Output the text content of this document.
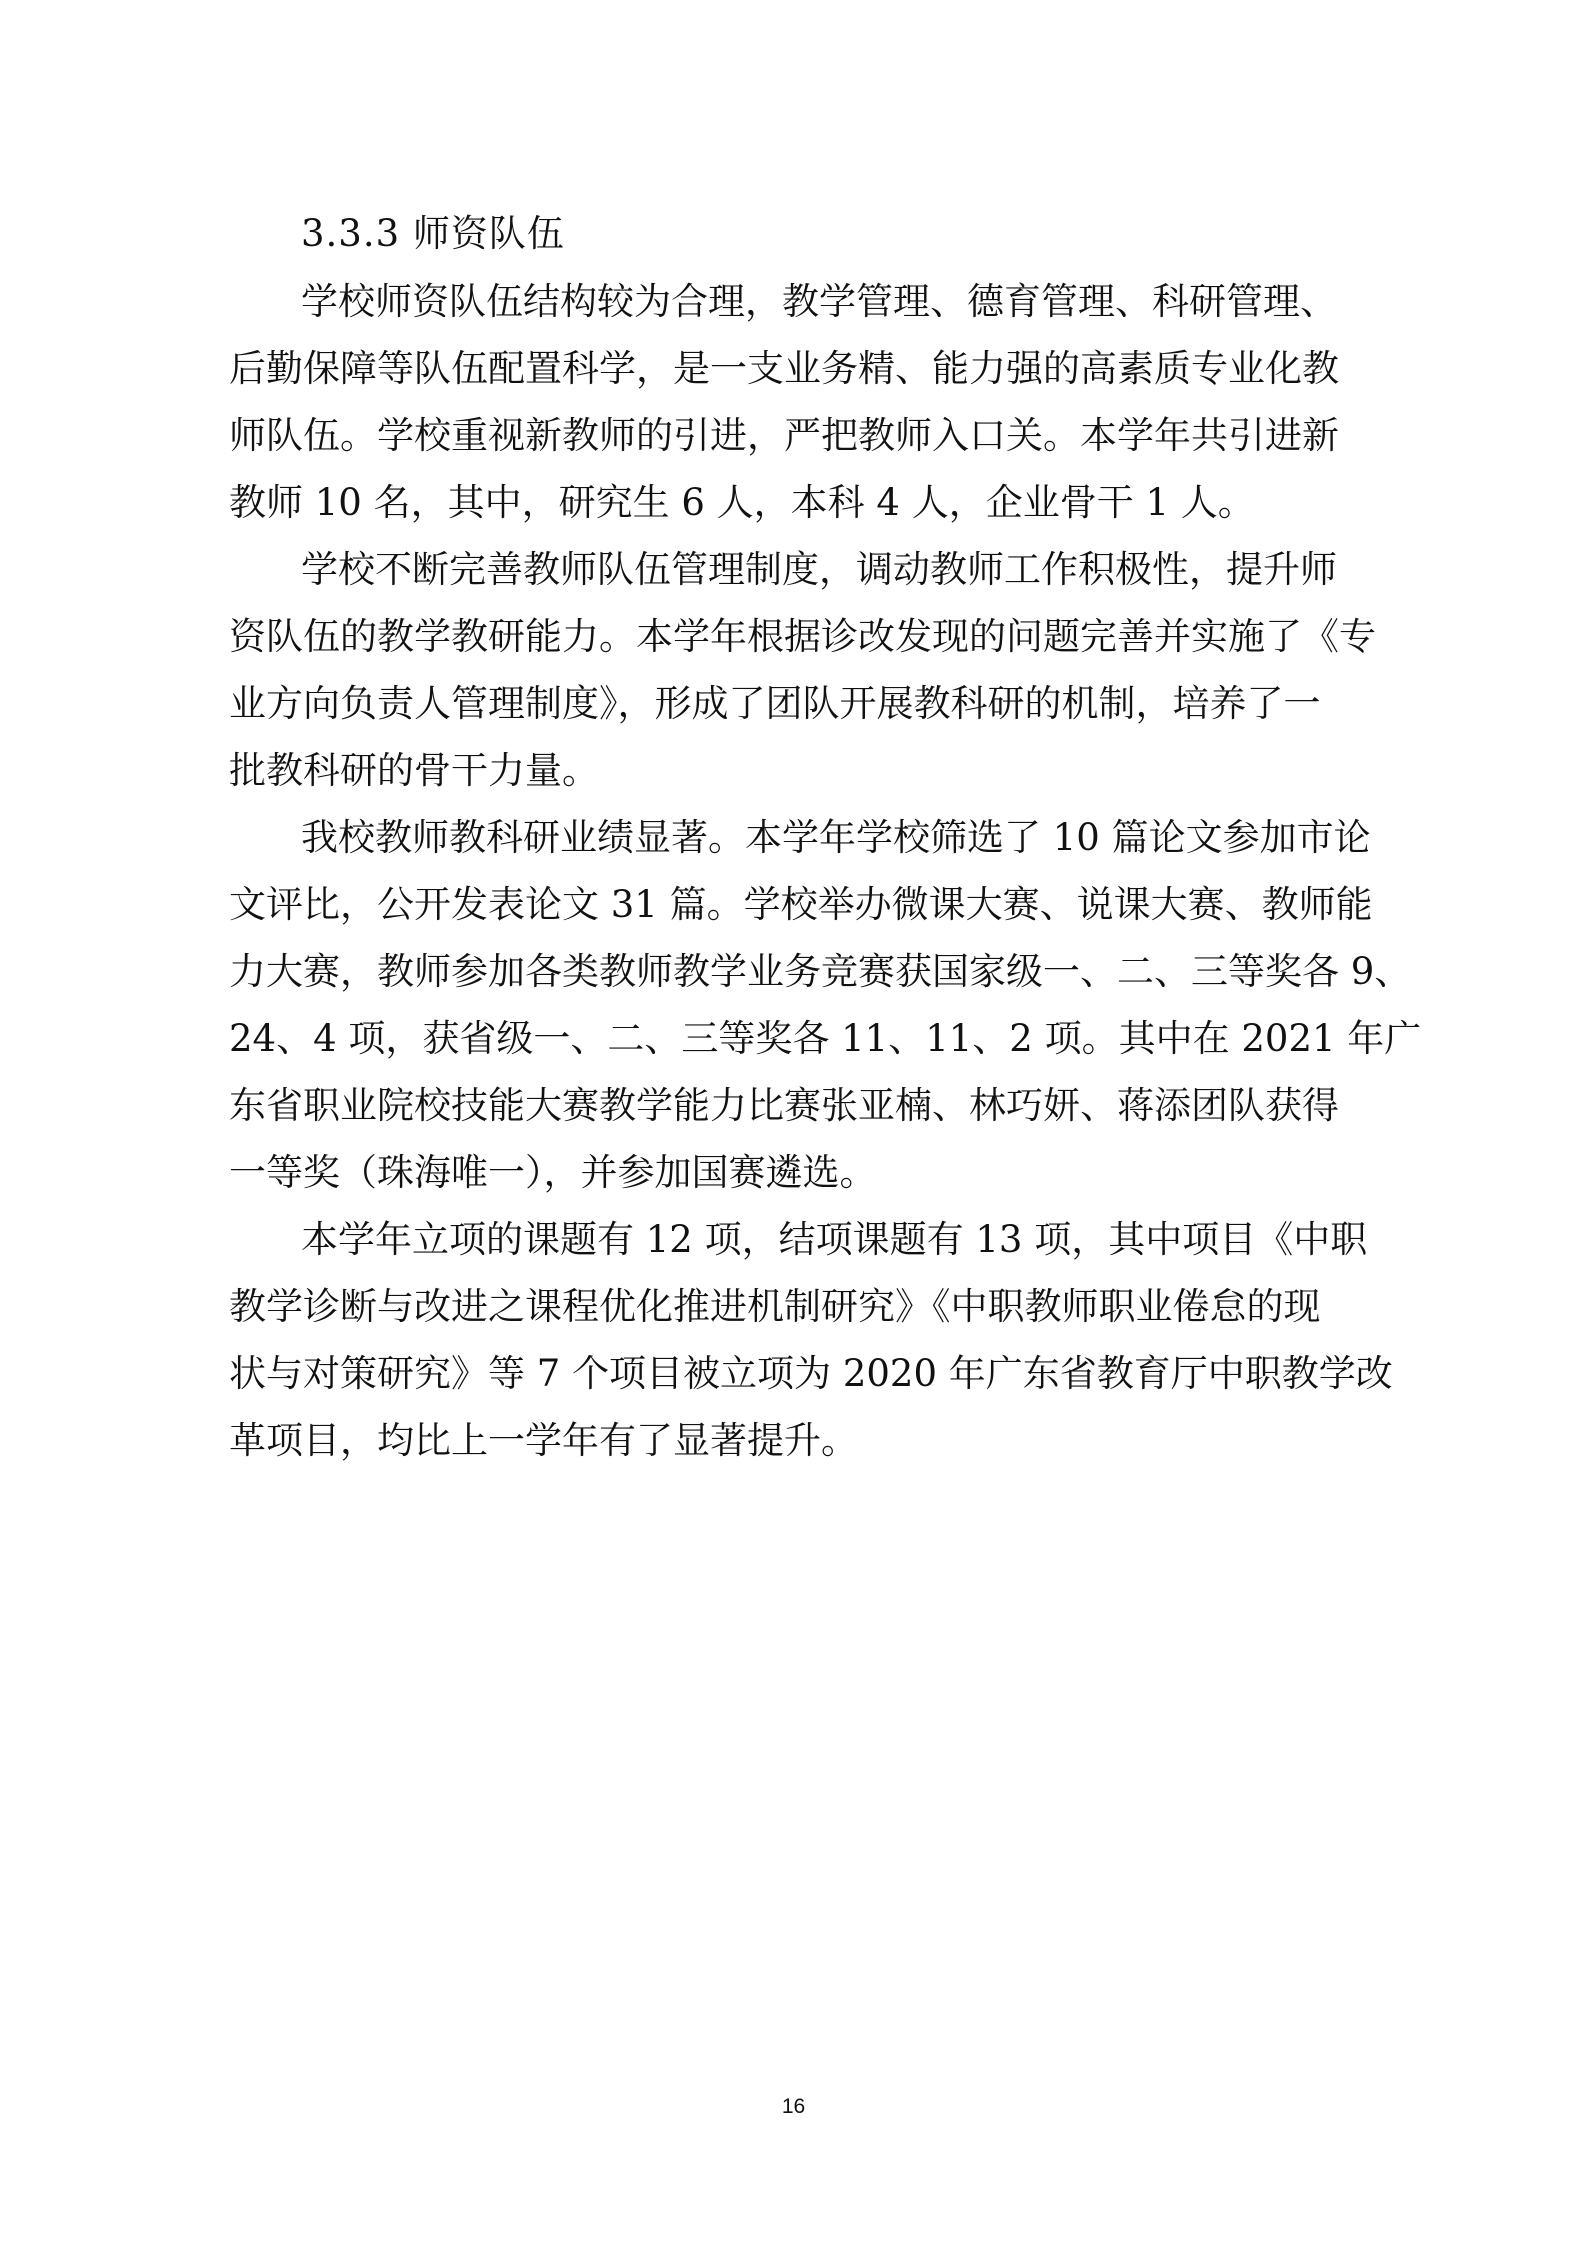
3.3.3 师资队伍

学校师资队伍结构较为合理，教学管理、德育管理、科研管理、

后勤保障等队伍配置科学，是一支业务精、能力强的高素质专业化教

师队伍。学校重视新教师的引进，严把教师入口关。本学年共引进新

教师 10 名，其中，研究生 6 人，本科 4 人，企业骨干 1 人。

学校不断完善教师队伍管理制度，调动教师工作积极性，提升师

资队伍的教学教研能力。本学年根据诊改发现的问题完善并实施了《专

业方向负责人管理制度》，形成了团队开展教科研的机制，培养了一

批教科研的骨干力量。

我校教师教科研业绩显著。本学年学校筛选了 10 篇论文参加市论

文评比，公开发表论文 31 篇。学校举办微课大赛、说课大赛、教师能

力大赛，教师参加各类教师教学业务竞赛获国家级一、二、三等奖各 9、

24、4 项，获省级一、二、三等奖各 11、11、2 项。其中在 2021 年广

东省职业院校技能大赛教学能力比赛张亚楠、林巧妍、蒋添团队获得

一等奖（珠海唯一），并参加国赛遴选。

本学年立项的课题有 12 项，结项课题有 13 项，其中项目《中职

教学诊断与改进之课程优化推进机制研究》《中职教师职业倦怠的现

状与对策研究》等 7 个项目被立项为 2020 年广东省教育厅中职教学改

革项目，均比上一学年有了显著提升。

16
